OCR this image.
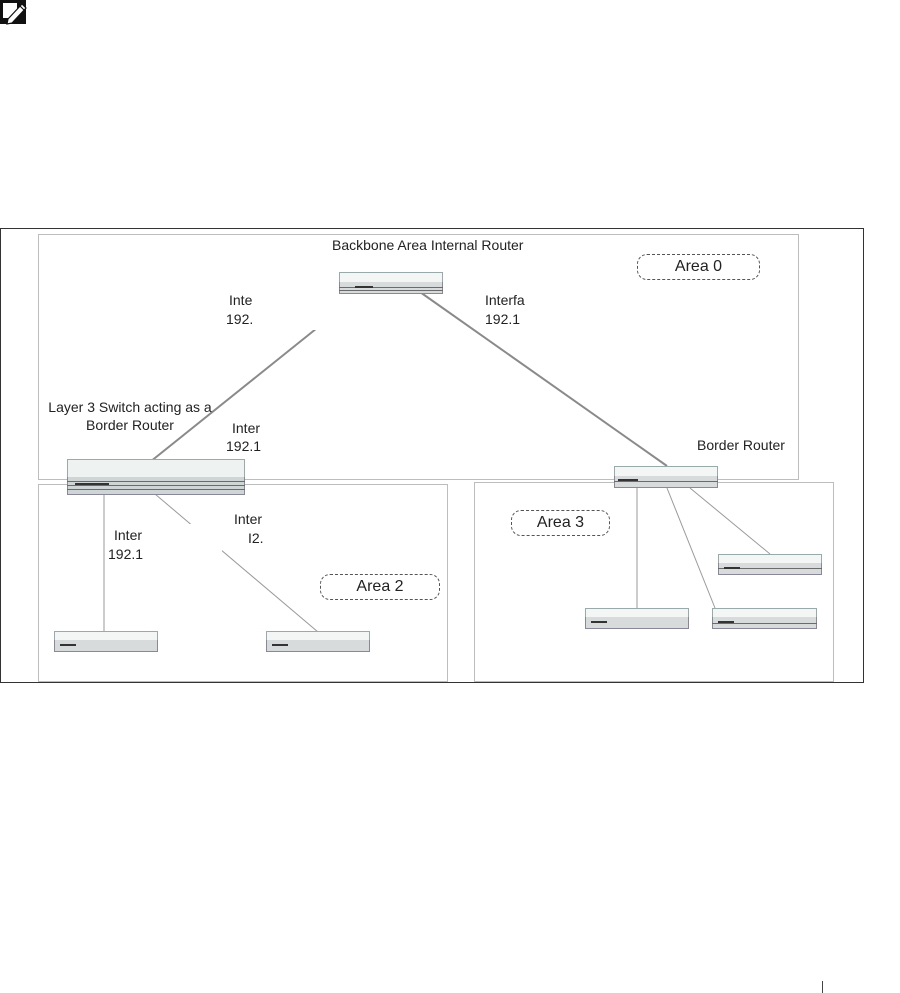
Backbone Area Internal Router
Inte
192.
Interfa
192.1
Layer 3 Switch acting as a
Border Router	Inter
192.1	Border Router
Inter
192.1
Inter
I2.
Area 0
Area 2
Area 3
